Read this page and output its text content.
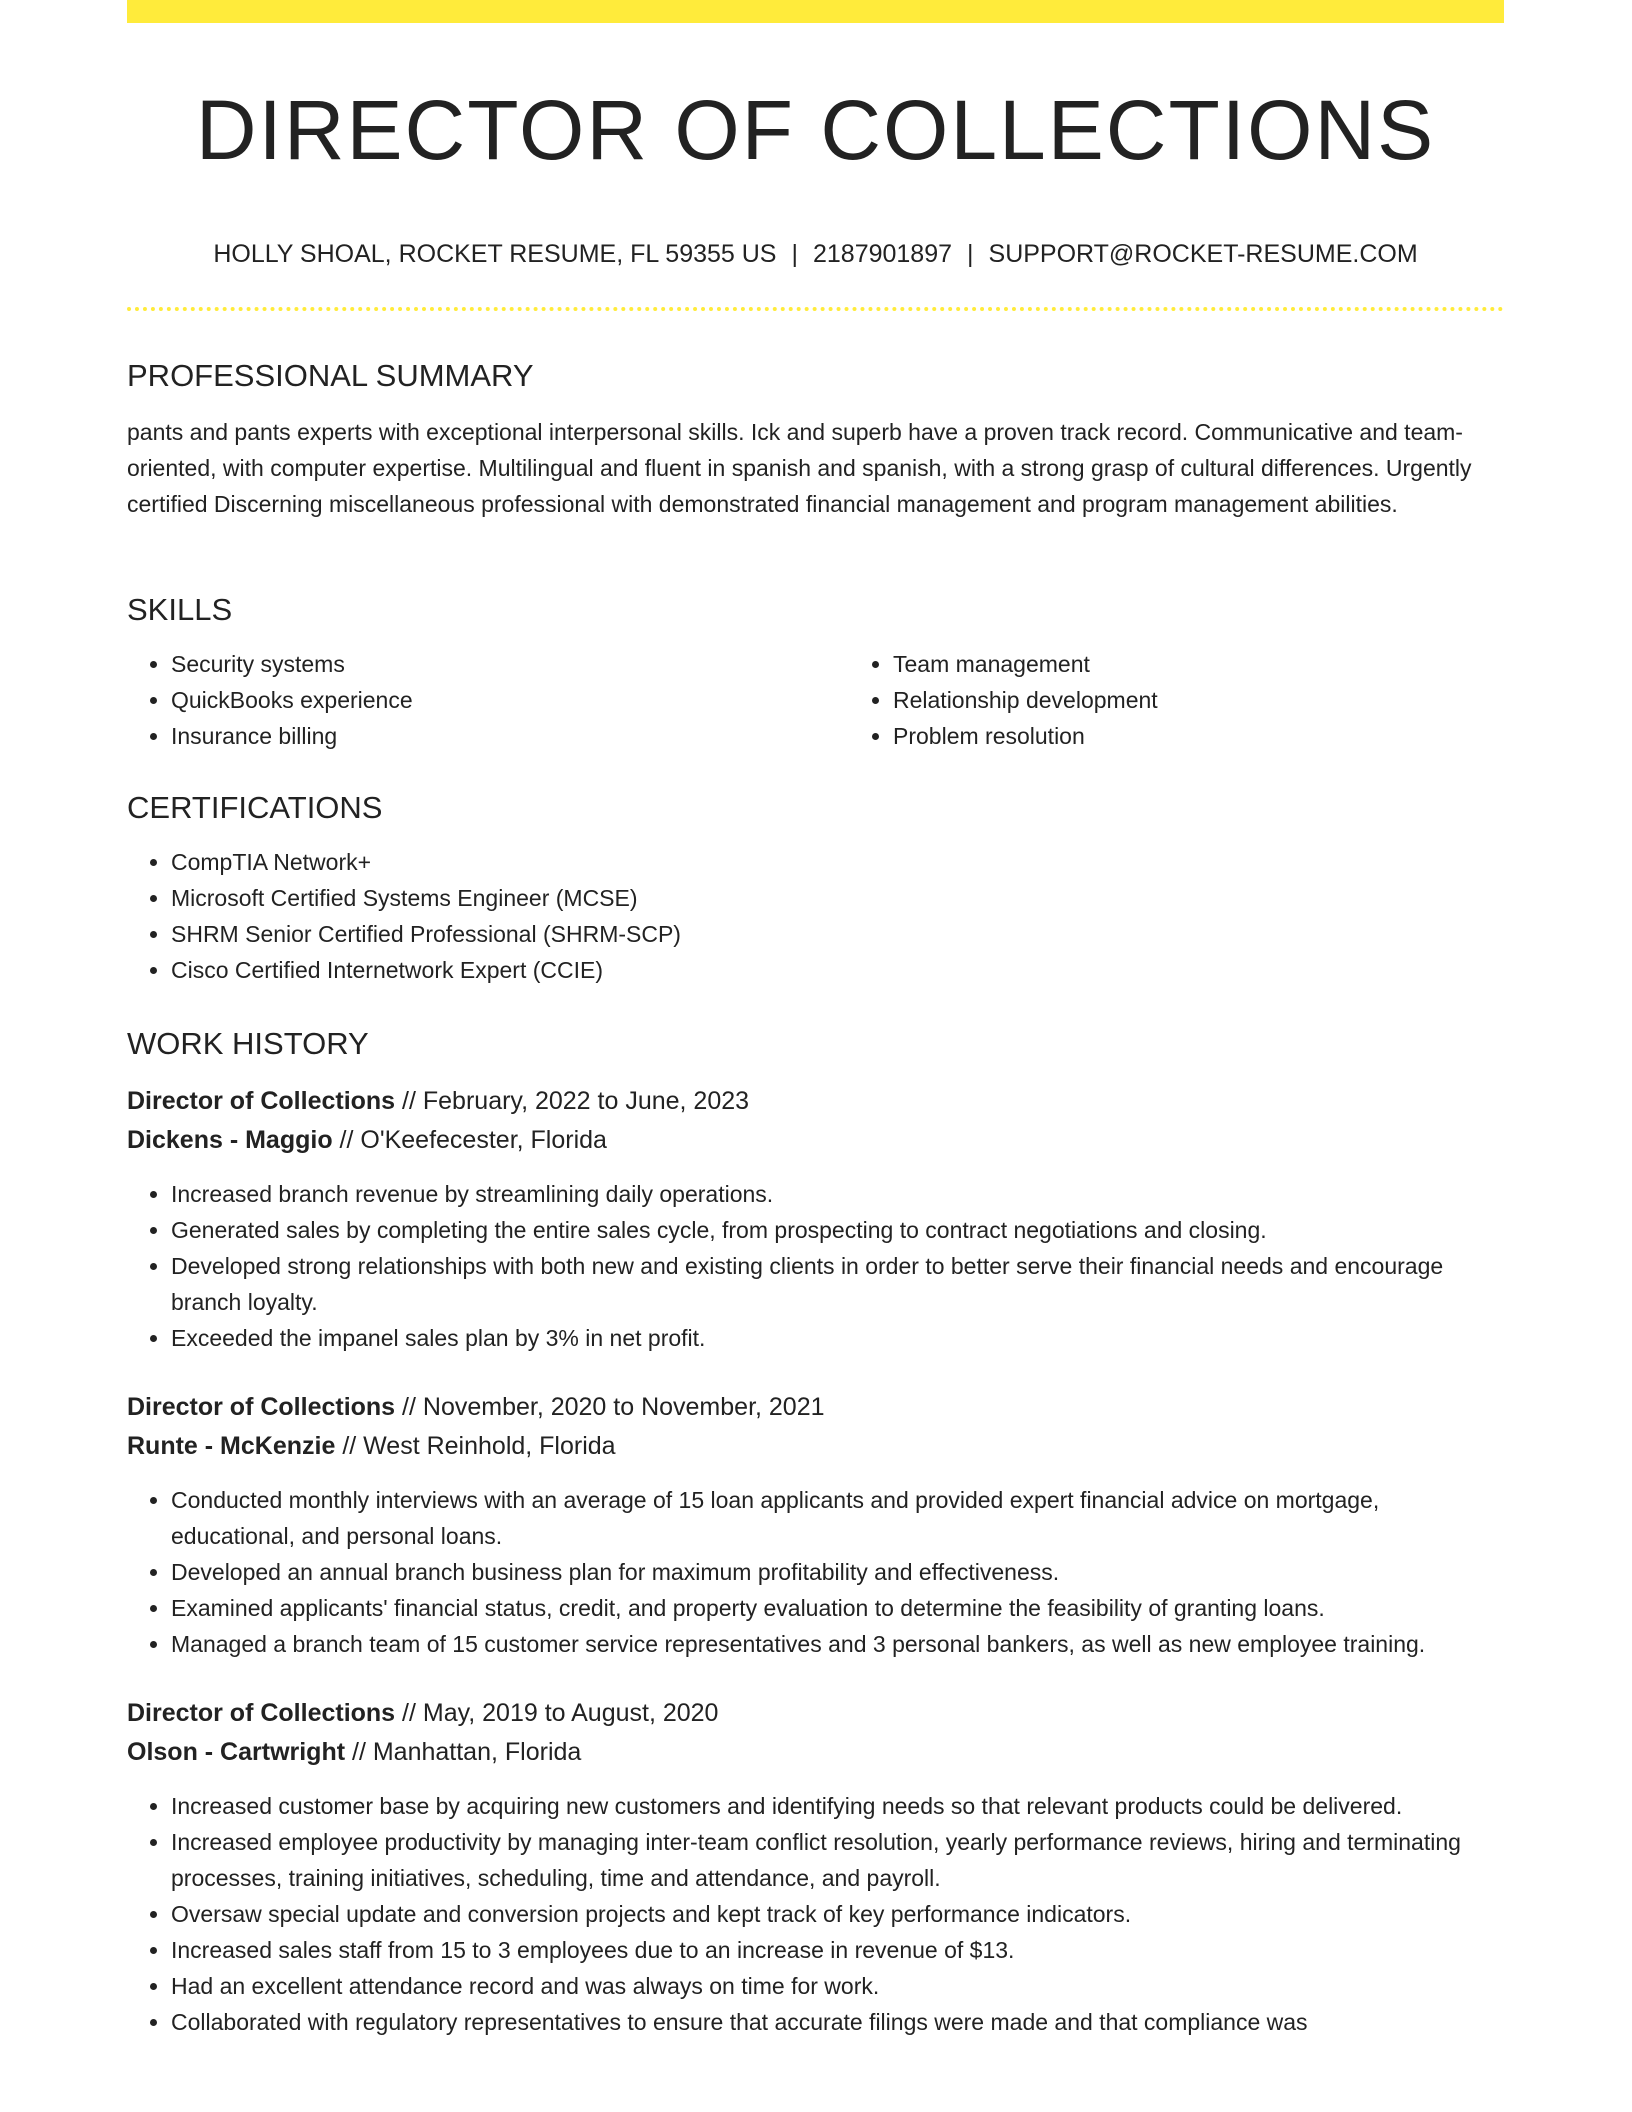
DIRECTOR OF COLLECTIONS
HOLLY SHOAL, ROCKET RESUME, FL 59355 US | 2187901897 | SUPPORT@ROCKET-RESUME.COM
PROFESSIONAL SUMMARY

pants and pants experts with exceptional interpersonal skills. Ick and superb have a proven track record. Communicative and team-oriented, with computer expertise. Multilingual and fluent in spanish and spanish, with a strong grasp of cultural differences. Urgently certified Discerning miscellaneous professional with demonstrated financial management and program management abilities.

SKILLS
• Security systems
• QuickBooks experience
• Insurance billing
• Team management
• Relationship development
• Problem resolution
CERTIFICATIONS
• CompTIA Network+
• Microsoft Certified Systems Engineer (MCSE)
• SHRM Senior Certified Professional (SHRM-SCP)
• Cisco Certified Internetwork Expert (CCIE)
WORK HISTORY

Director of Collections // February, 2022 to June, 2023

Dickens - Maggio // O'Keefecester, Florida

• Increased branch revenue by streamlining daily operations.
• Generated sales by completing the entire sales cycle, from prospecting to contract negotiations and closing.
• Developed strong relationships with both new and existing clients in order to better serve their financial needs and encourage branch loyalty.
• Exceeded the impanel sales plan by 3% in net profit.

Director of Collections // November, 2020 to November, 2021

Runte - McKenzie // West Reinhold, Florida

• Conducted monthly interviews with an average of 15 loan applicants and provided expert financial advice on mortgage, educational, and personal loans.
• Developed an annual branch business plan for maximum profitability and effectiveness.
• Examined applicants' financial status, credit, and property evaluation to determine the feasibility of granting loans.
• Managed a branch team of 15 customer service representatives and 3 personal bankers, as well as new employee training.

Director of Collections // May, 2019 to August, 2020

Olson - Cartwright // Manhattan, Florida

• Increased customer base by acquiring new customers and identifying needs so that relevant products could be delivered.
• Increased employee productivity by managing inter-team conflict resolution, yearly performance reviews, hiring and terminating processes, training initiatives, scheduling, time and attendance, and payroll.
• Oversaw special update and conversion projects and kept track of key performance indicators.
• Increased sales staff from 15 to 3 employees due to an increase in revenue of $13.
• Had an excellent attendance record and was always on time for work.
• Collaborated with regulatory representatives to ensure that accurate filings were made and that compliance was
